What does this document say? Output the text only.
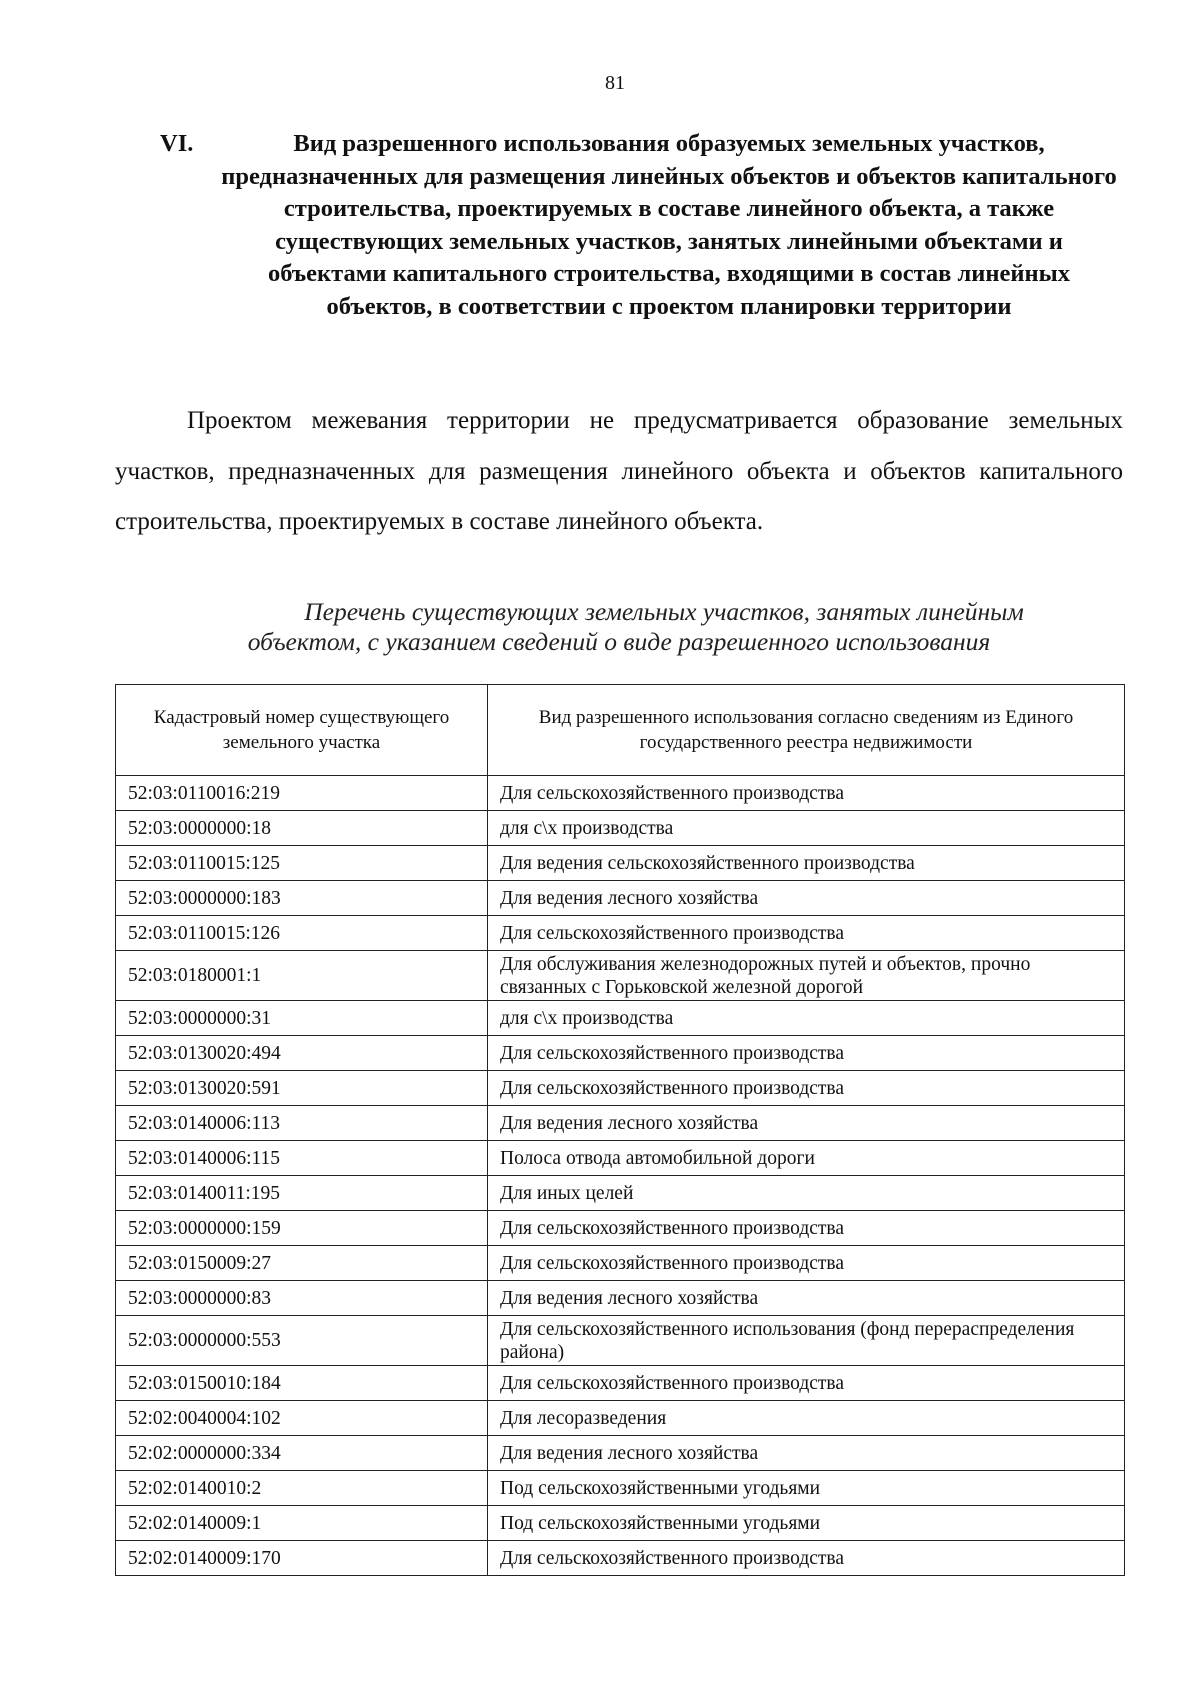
81
VI.	Вид разрешенного использования образуемых земельных участков, предназначенных для размещения линейных объектов и объектов капитального строительства, проектируемых в составе линейного объекта, а также существующих земельных участков, занятых линейными объектами и объектами капитального строительства, входящими в состав линейных объектов, в соответствии с проектом планировки территории

Проектом межевания территории не предусматривается образование земельных участков, предназначенных для размещения линейного объекта и объектов капитального строительства, проектируемых в составе линейного объекта.

Перечень существующих земельных участков, занятых линейным
объектом, с указанием сведений о виде разрешенного использования

Кадастровый номер существующего земельного участка	Вид разрешенного использования согласно сведениям из Единого государственного реестра недвижимости
52:03:0110016:219	Для сельскохозяйственного производства
52:03:0000000:18	для с\х производства
52:03:0110015:125	Для ведения сельскохозяйственного производства
52:03:0000000:183	Для ведения лесного хозяйства
52:03:0110015:126	Для сельскохозяйственного производства
52:03:0180001:1	Для обслуживания железнодорожных путей и объектов, прочно связанных с Горьковской железной дорогой
52:03:0000000:31	для с\х производства
52:03:0130020:494	Для сельскохозяйственного производства
52:03:0130020:591	Для сельскохозяйственного производства
52:03:0140006:113	Для ведения лесного хозяйства
52:03:0140006:115	Полоса отвода автомобильной дороги
52:03:0140011:195	Для иных целей
52:03:0000000:159	Для сельскохозяйственного производства
52:03:0150009:27	Для сельскохозяйственного производства
52:03:0000000:83	Для ведения лесного хозяйства
52:03:0000000:553	Для сельскохозяйственного использования (фонд перераспределения района)
52:03:0150010:184	Для сельскохозяйственного производства
52:02:0040004:102	Для лесоразведения
52:02:0000000:334	Для ведения лесного хозяйства
52:02:0140010:2	Под сельскохозяйственными угодьями
52:02:0140009:1	Под сельскохозяйственными угодьями
52:02:0140009:170	Для сельскохозяйственного производства
